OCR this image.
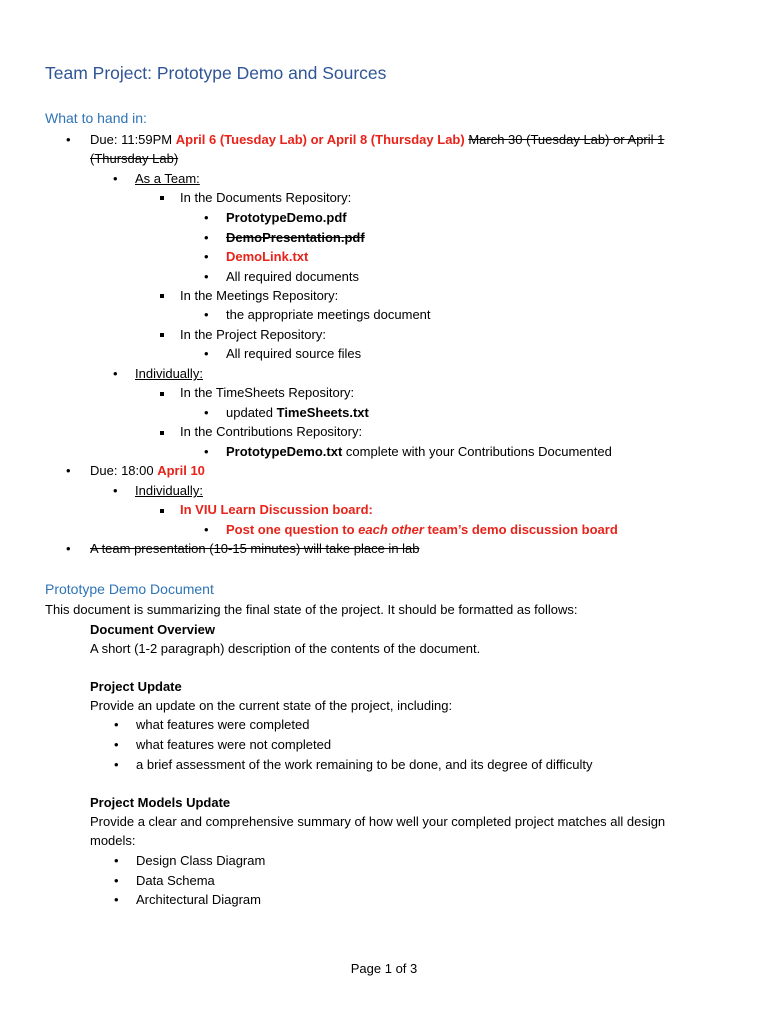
Team Project: Prototype Demo and Sources
What to hand in:
• Due: 11:59PM April 6 (Tuesday Lab) or April 8 (Thursday Lab) March 30 (Tuesday Lab) or April 1
(Thursday Lab)
• As a Team:
In the Documents Repository:
• PrototypeDemo.pdf
• DemoPresentation.pdf
• DemoLink.txt
• All required documents
In the Meetings Repository:
• the appropriate meetings document
In the Project Repository:
• All required source files
• Individually:
In the TimeSheets Repository:
• updated TimeSheets.txt
In the Contributions Repository:
• PrototypeDemo.txt complete with your Contributions Documented
• Due: 18:00 April 10
• Individually:
In VIU Learn Discussion board:
• Post one question to each other team’s demo discussion board
• A team presentation (10-15 minutes) will take place in lab
Prototype Demo Document
This document is summarizing the final state of the project. It should be formatted as follows:
Document Overview
A short (1-2 paragraph) description of the contents of the document.
Project Update
Provide an update on the current state of the project, including:
• what features were completed
• what features were not completed
• a brief assessment of the work remaining to be done, and its degree of difficulty
Project Models Update
Provide a clear and comprehensive summary of how well your completed project matches all design
models:
• Design Class Diagram
• Data Schema
• Architectural Diagram
Page 1 of 3
